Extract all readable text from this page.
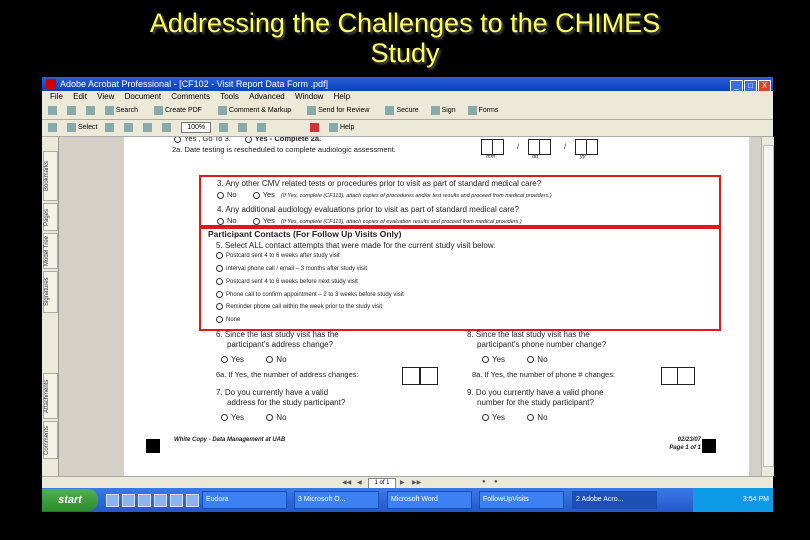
Addressing the Challenges to the CHIMES
Study
Adobe Acrobat Professional - [CF102 - Visit Report Data Form .pdf]	_ □ X
File Edit View Document Comments Tools Advanced Window Help
Search	Create PDF	Comment & Markup	Send for Review	Secure	Sign	Forms
Select	100%	Help
Bookmarks
Pages
Model Tree
Signatures
Attachments
Comments
Yes , Go To 3.	Yes - Complete 2a.
2a. Date testing is rescheduled to complete audiologic assessment.	/	/
mm	dd	yy
3. Any other CMV related tests or procedures prior to visit as part of standard medical care?
No	Yes (If Yes, complete (CF113), attach copies of procedures and/or test results and proceed from medical providers.)
4. Any additional audiology evaluations prior to visit as part of standard medical care?
No	Yes (If Yes, complete (CF113), attach copies of evaluation results and proceed from medical providers.)
Participant Contacts (For Follow Up Visits Only)
5. Select ALL contact attempts that were made for the current study visit below.
Postcard sent 4 to 6 weeks after study visit
Interval phone call / email – 3 months after study visit
Postcard sent 4 to 6 weeks before next study visit
Phone call to confirm appointment – 2 to 3 weeks before study visit
Reminder phone call within the week prior to the study visit
None
6. Since the last study visit has the
participant's address change?
8. Since the last study visit has the
participant's phone number change?
Yes	No	Yes	No
6a. If Yes, the number of address changes:	8a. If Yes, the number of phone # changes:
7. Do you currently have a valid
address for the study participant?
9. Do you currently have a valid phone
number for the study participant?
Yes	No	Yes	No
White Copy - Data Management at UAB	02/23/07
Page 1 of 1
◀◀ ◀	1 of 1	▶ ▶▶	● ●
start	Eudora	3 Microsoft O...	Microsoft Word	FollowUpVisits	2 Adobe Acro...	3:54 PM
